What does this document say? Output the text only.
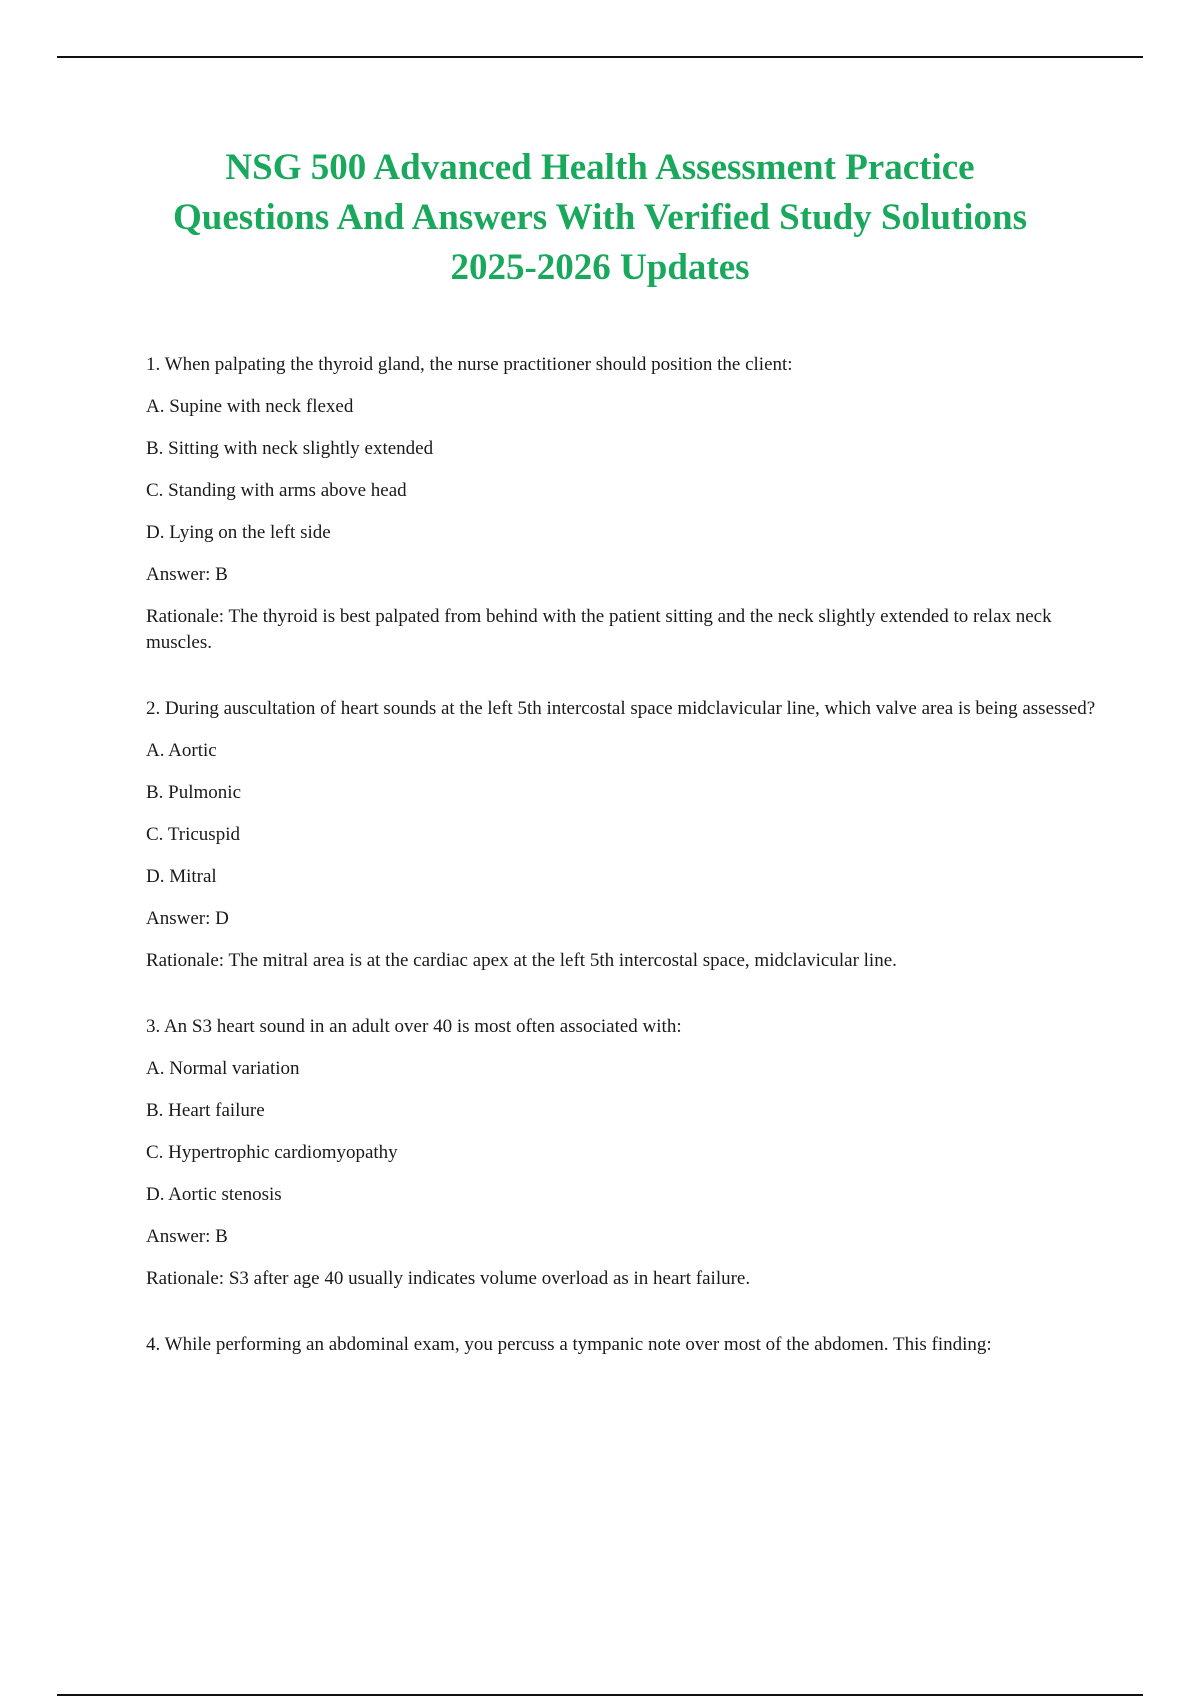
NSG 500 Advanced Health Assessment Practice
Questions And Answers With Verified Study Solutions
2025-2026 Updates

1. When palpating the thyroid gland, the nurse practitioner should position the client:

A. Supine with neck flexed

B. Sitting with neck slightly extended

C. Standing with arms above head

D. Lying on the left side

Answer: B

Rationale: The thyroid is best palpated from behind with the patient sitting and the neck slightly extended to relax neck muscles.

2. During auscultation of heart sounds at the left 5th intercostal space midclavicular line, which valve area is being assessed?

A. Aortic

B. Pulmonic

C. Tricuspid

D. Mitral

Answer: D

Rationale: The mitral area is at the cardiac apex at the left 5th intercostal space, midclavicular line.

3. An S3 heart sound in an adult over 40 is most often associated with:

A. Normal variation

B. Heart failure

C. Hypertrophic cardiomyopathy

D. Aortic stenosis

Answer: B

Rationale: S3 after age 40 usually indicates volume overload as in heart failure.

4. While performing an abdominal exam, you percuss a tympanic note over most of the abdomen. This finding:
